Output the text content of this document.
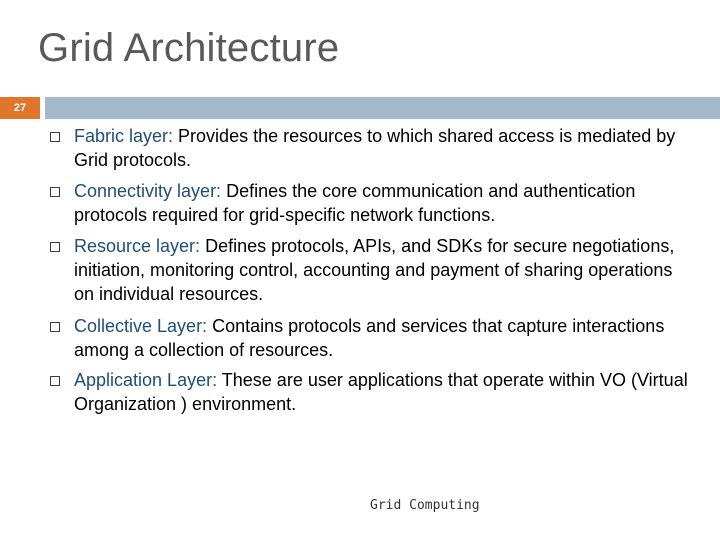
Grid Architecture
27
Fabric layer: Provides the resources to which shared access is mediated by Grid protocols.
Connectivity layer: Defines the core communication and authentication protocols required for grid-specific network functions.
Resource layer: Defines protocols, APIs, and SDKs for secure negotiations, initiation, monitoring control, accounting and payment of sharing operations on individual resources.
Collective Layer: Contains protocols and services that capture interactions among a collection of resources.
Application Layer: These are user applications that operate within VO (Virtual Organization ) environment.
Grid Computing
